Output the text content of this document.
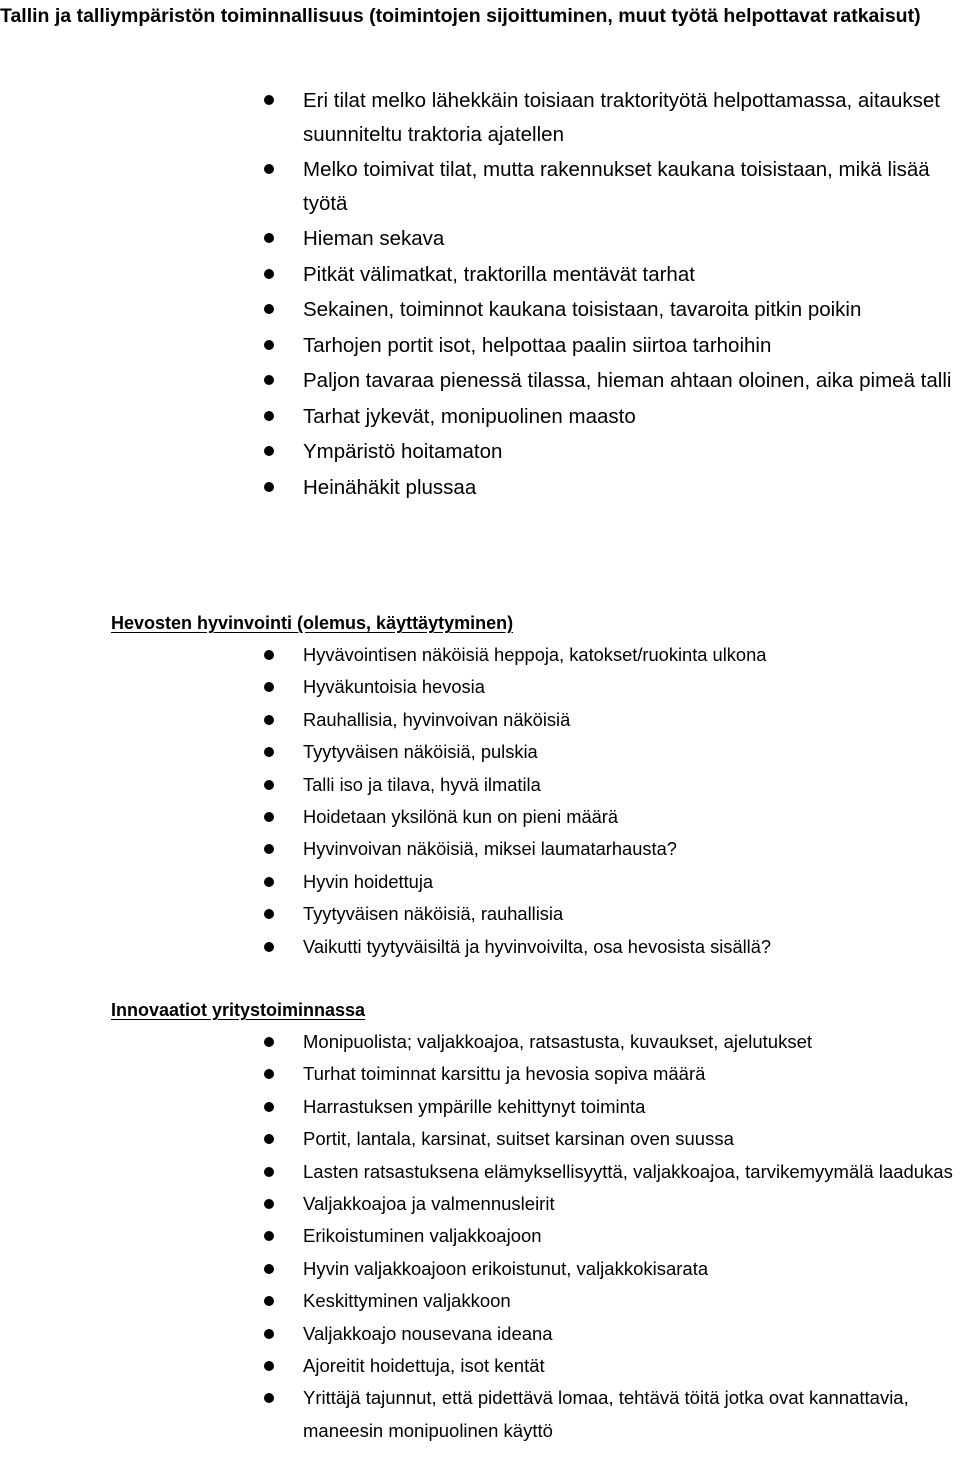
Tallin ja talliympäristön toiminnallisuus (toimintojen sijoittuminen, muut työtä helpottavat ratkaisut)
Eri tilat melko lähekkäin toisiaan traktorityötä helpottamassa, aitaukset suunniteltu traktoria ajatellen
Melko toimivat tilat, mutta rakennukset kaukana toisistaan, mikä lisää työtä
Hieman sekava
Pitkät välimatkat, traktorilla mentävät tarhat
Sekainen, toiminnot kaukana toisistaan, tavaroita pitkin poikin
Tarhojen portit isot, helpottaa paalin siirtoa tarhoihin
Paljon tavaraa pienessä tilassa, hieman ahtaan oloinen, aika pimeä talli
Tarhat jykevät, monipuolinen maasto
Ympäristö hoitamaton
Heinähäkit plussaa
Hevosten hyvinvointi (olemus, käyttäytyminen)
Hyvävointisen näköisiä heppoja, katokset/ruokinta ulkona
Hyväkuntoisia hevosia
Rauhallisia, hyvinvoivan näköisiä
Tyytyväisen näköisiä, pulskia
Talli iso ja tilava, hyvä ilmatila
Hoidetaan yksilönä kun on pieni määrä
Hyvinvoivan näköisiä, miksei laumatarhausta?
Hyvin hoidettuja
Tyytyväisen näköisiä, rauhallisia
Vaikutti tyytyväisiltä ja hyvinvoivilta, osa hevosista sisällä?
Innovaatiot yritystoiminnassa
Monipuolista; valjakkoajoa, ratsastusta, kuvaukset, ajelutukset
Turhat toiminnat karsittu ja hevosia sopiva määrä
Harrastuksen ympärille kehittynyt toiminta
Portit, lantala, karsinat, suitset karsinan oven suussa
Lasten ratsastuksena elämyksellisyyttä, valjakkoajoa, tarvikemyymälä laadukas
Valjakkoajoa ja valmennusleirit
Erikoistuminen valjakkoajoon
Hyvin valjakkoajoon erikoistunut, valjakkokisarata
Keskittyminen valjakkoon
Valjakkoajo nousevana ideana
Ajoreitit hoidettuja, isot kentät
Yrittäjä tajunnut, että pidettävä lomaa, tehtävä töitä jotka ovat kannattavia, maneesin monipuolinen käyttö
